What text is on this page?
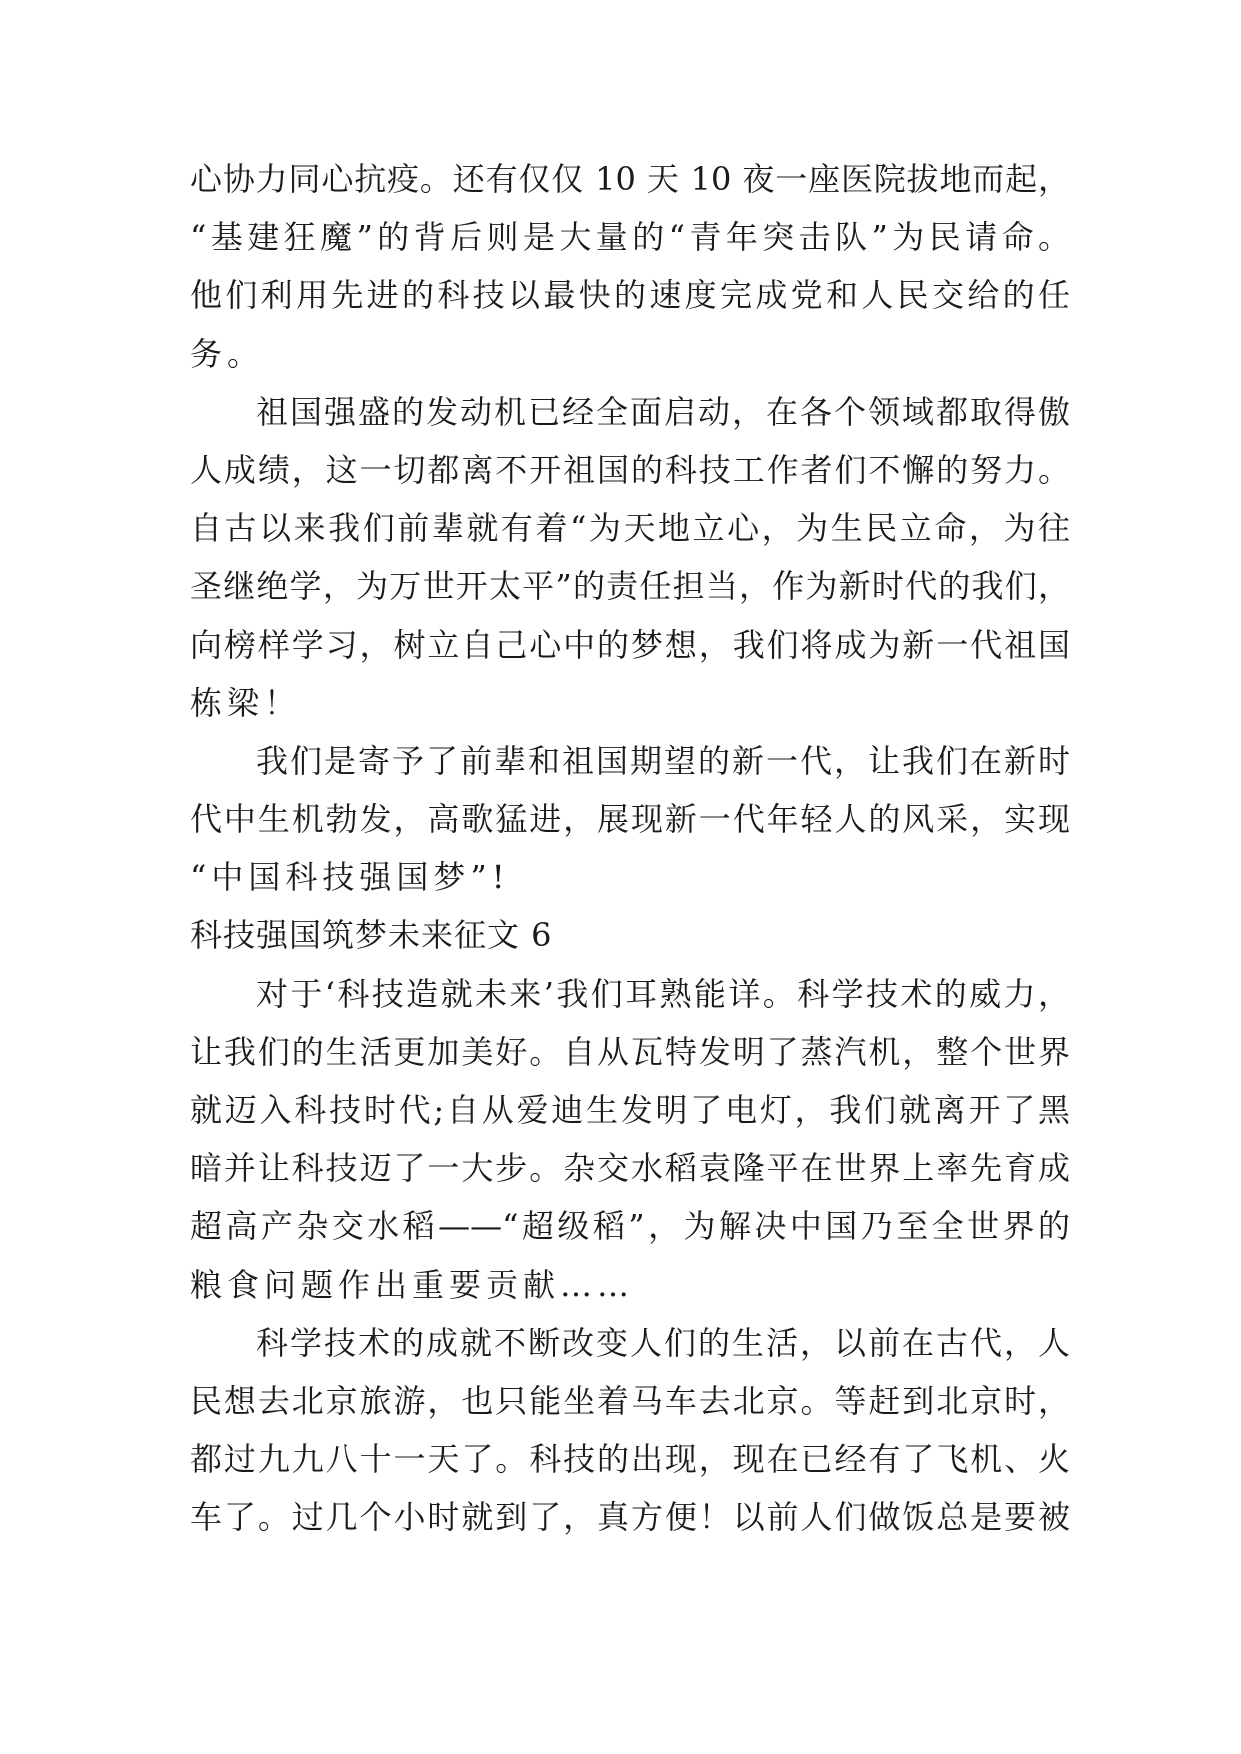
心协力同心抗疫。还有仅仅 10 天 10 夜一座医院拔地而起，
“基建狂魔”的背后则是大量的“青年突击队”为民请命。
他们利用先进的科技以最快的速度完成党和人民交给的任
务。
祖国强盛的发动机已经全面启动，在各个领域都取得傲
人成绩，这一切都离不开祖国的科技工作者们不懈的努力。
自古以来我们前辈就有着“为天地立心，为生民立命，为往
圣继绝学，为万世开太平”的责任担当，作为新时代的我们，
向榜样学习，树立自己心中的梦想，我们将成为新一代祖国
栋梁！
我们是寄予了前辈和祖国期望的新一代，让我们在新时
代中生机勃发，高歌猛进，展现新一代年轻人的风采，实现
“中国科技强国梦”!
科技强国筑梦未来征文 6
对于‘科技造就未来’我们耳熟能详。科学技术的威力，
让我们的生活更加美好。自从瓦特发明了蒸汽机，整个世界
就迈入科技时代;自从爱迪生发明了电灯，我们就离开了黑
暗并让科技迈了一大步。杂交水稻袁隆平在世界上率先育成
超高产杂交水稻——“超级稻”，为解决中国乃至全世界的
粮食问题作出重要贡献……
科学技术的成就不断改变人们的生活，以前在古代，人
民想去北京旅游，也只能坐着马车去北京。等赶到北京时，
都过九九八十一天了。科技的出现，现在已经有了飞机、火
车了。过几个小时就到了，真方便！以前人们做饭总是要被
